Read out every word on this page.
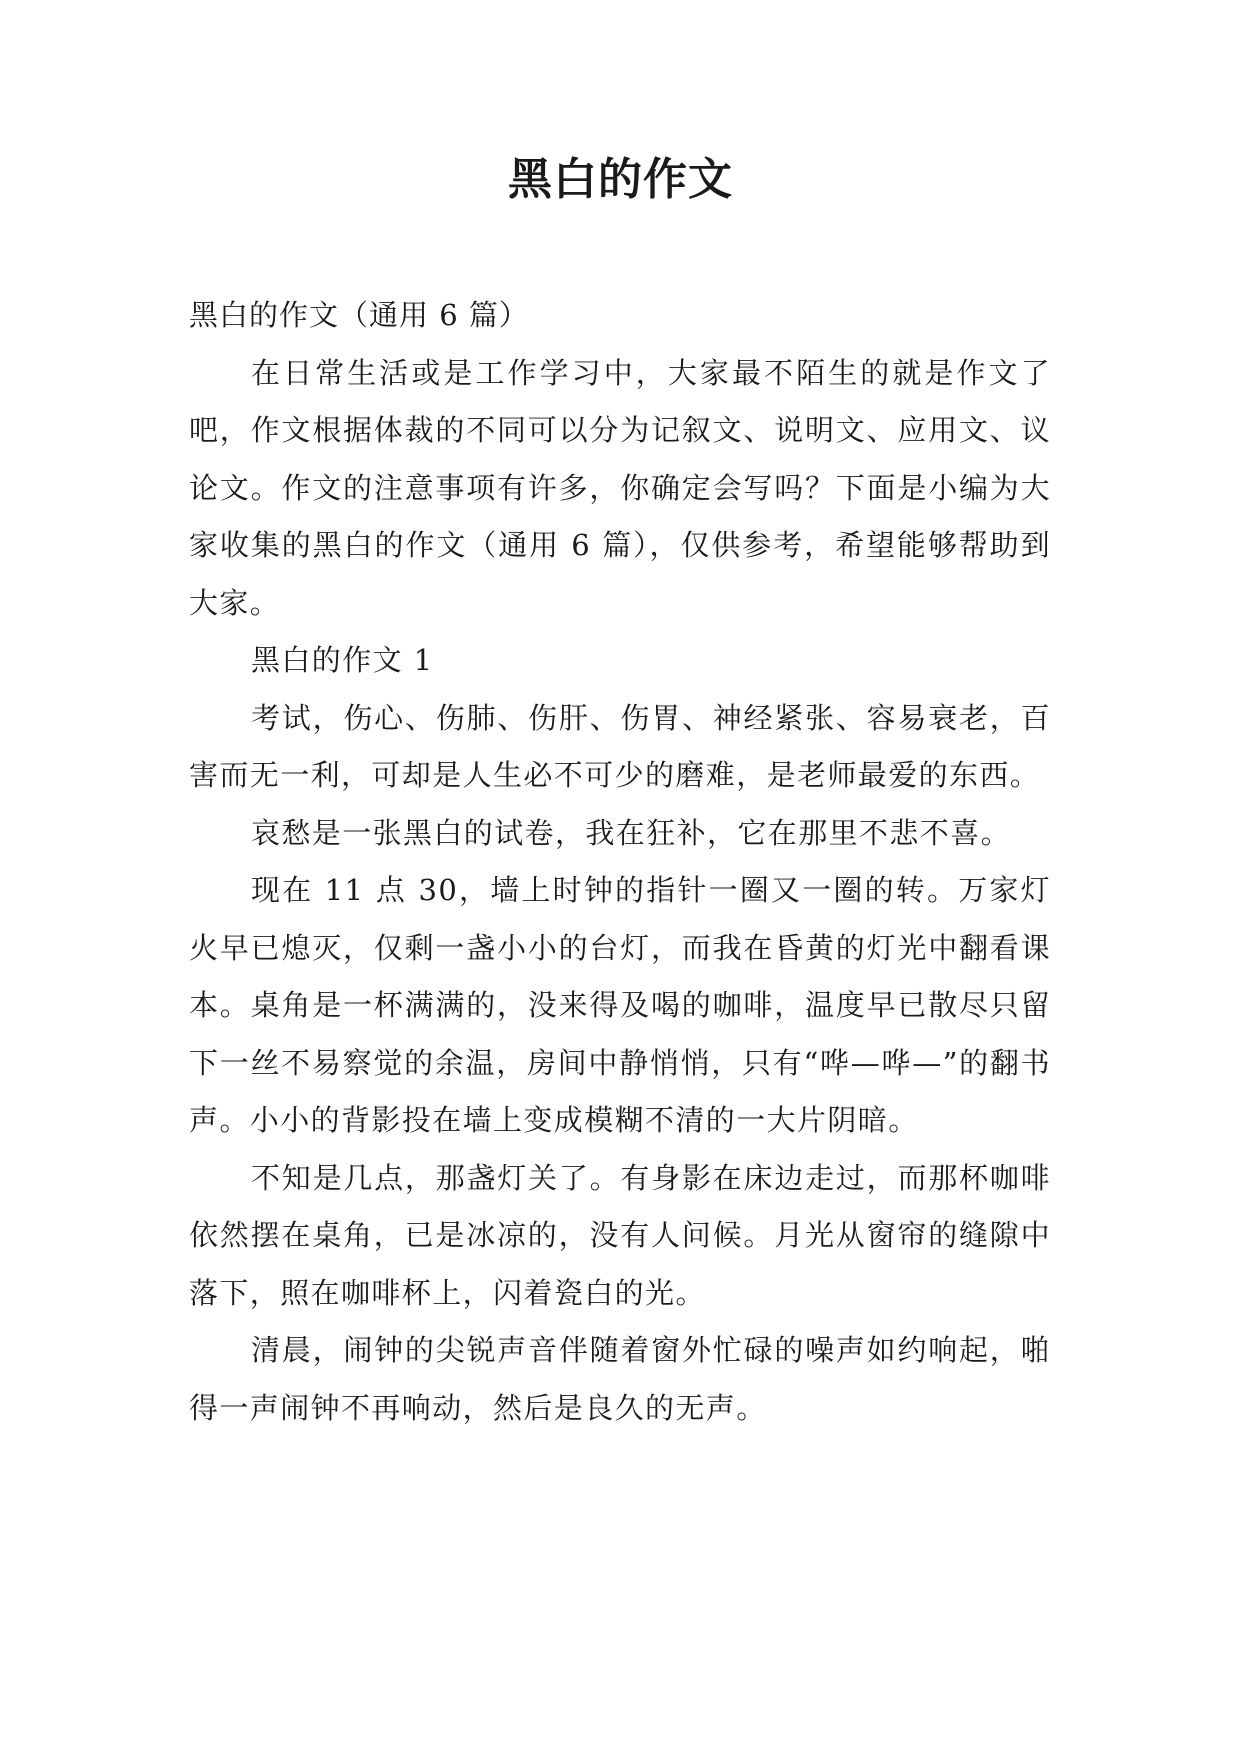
黑白的作文

黑白的作文（通用 6 篇）

在日常生活或是工作学习中，大家最不陌生的就是作文了吧，作文根据体裁的不同可以分为记叙文、说明文、应用文、议论文。作文的注意事项有许多，你确定会写吗？下面是小编为大家收集的黑白的作文（通用 6 篇），仅供参考，希望能够帮助到大家。

黑白的作文 1

考试，伤心、伤肺、伤肝、伤胃、神经紧张、容易衰老，百害而无一利，可却是人生必不可少的磨难，是老师最爱的东西。

哀愁是一张黑白的试卷，我在狂补，它在那里不悲不喜。

现在 11 点 30，墙上时钟的指针一圈又一圈的转。万家灯火早已熄灭，仅剩一盏小小的台灯，而我在昏黄的灯光中翻看课本。桌角是一杯满满的，没来得及喝的咖啡，温度早已散尽只留下一丝不易察觉的余温，房间中静悄悄，只有“哗—哗—”的翻书声。小小的背影投在墙上变成模糊不清的一大片阴暗。

不知是几点，那盏灯关了。有身影在床边走过，而那杯咖啡依然摆在桌角，已是冰凉的，没有人问候。月光从窗帘的缝隙中落下，照在咖啡杯上，闪着瓷白的光。

清晨，闹钟的尖锐声音伴随着窗外忙碌的噪声如约响起，啪得一声闹钟不再响动，然后是良久的无声。
